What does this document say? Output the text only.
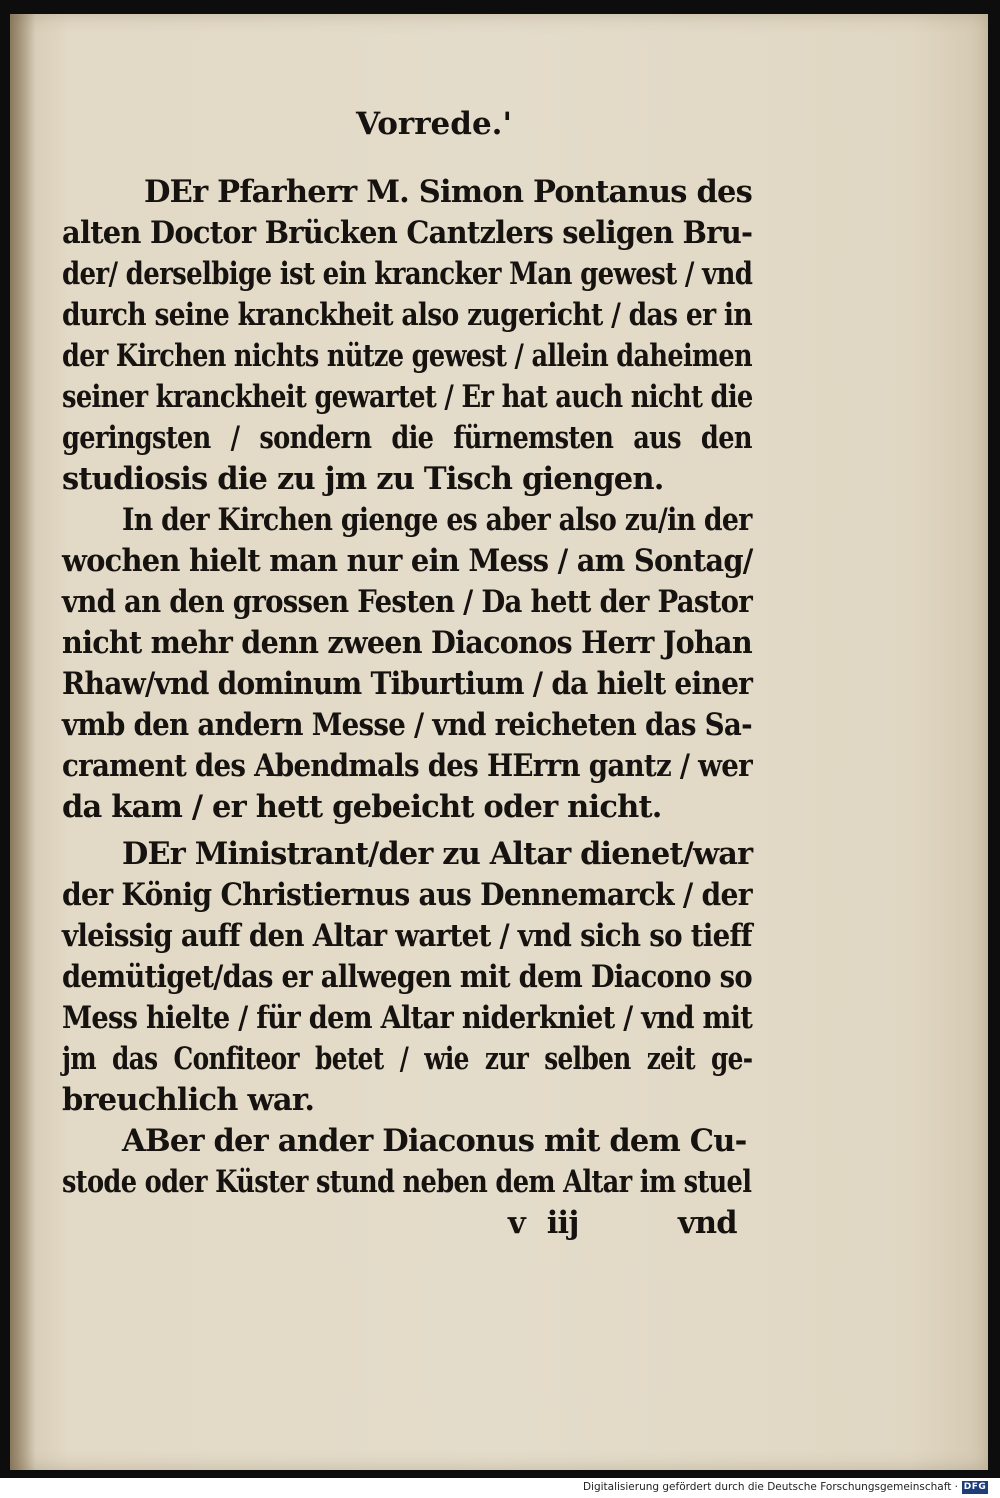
Vorrede.'
DEr Pfarherr M. Simon Pontanus des
alten Doctor Brücken Cantzlers seligen Bru-
der/ derselbige ist ein krancker Man gewest / vnd
durch seine kranckheit also zugericht / das er in
der Kirchen nichts nütze gewest / allein daheimen
seiner kranckheit gewartet / Er hat auch nicht die
geringsten / sondern die fürnemsten aus den
studiosis die zu jm zu Tisch giengen.
In der Kirchen gienge es aber also zu/in der
wochen hielt man nur ein Mess / am Sontag/
vnd an den grossen Festen / Da hett der Pastor
nicht mehr denn zween Diaconos Herr Johan
Rhaw/vnd dominum Tiburtium / da hielt einer
vmb den andern Messe / vnd reicheten das Sa-
crament des Abendmals des HErrn gantz / wer
da kam / er hett gebeicht oder nicht.
DEr Ministrant/der zu Altar dienet/war
der König Christiernus aus Dennemarck / der
vleissig auff den Altar wartet / vnd sich so tieff
demütiget/das er allwegen mit dem Diacono so
Mess hielte / für dem Altar niderkniet / vnd mit
jm das Confiteor betet / wie zur selben zeit ge-
breuchlich war.
ABer der ander Diaconus mit dem Cu-
stode oder Küster stund neben dem Altar im stuel
v iij	vnd
Digitalisierung gefördert durch die Deutsche Forschungsgemeinschaft · DFG
